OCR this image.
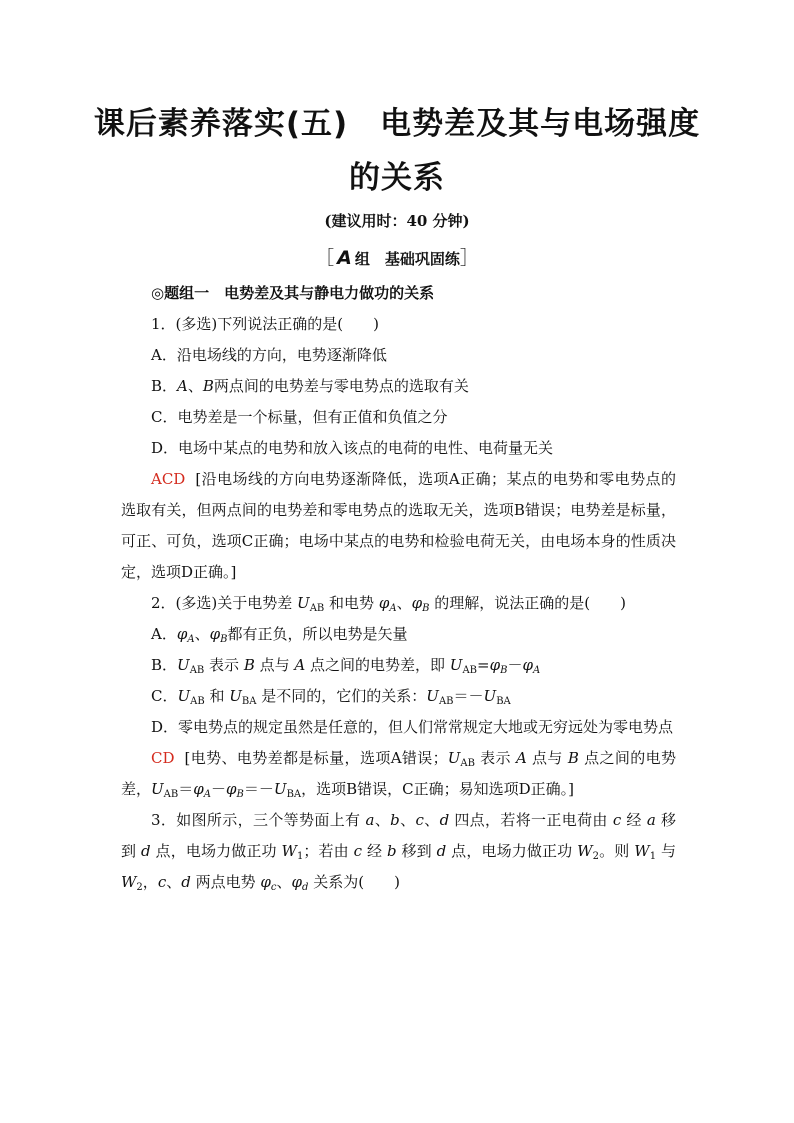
课后素养落实(五)　电势差及其与电场强度
的关系
(建议用时：40 分钟)
［ A 组　基础巩固练］
◎题组一　电势差及其与静电力做功的关系
1．(多选)下列说法正确的是(　　)
A．沿电场线的方向，电势逐渐降低
B．A、B两点间的电势差与零电势点的选取有关
C．电势差是一个标量，但有正值和负值之分
D．电场中某点的电势和放入该点的电荷的电性、电荷量无关
ACD [沿电场线的方向电势逐渐降低，选项A正确；某点的电势和零电势点的选取有关，但两点间的电势差和零电势点的选取无关，选项B错误；电势差是标量，可正、可负，选项C正确；电场中某点的电势和检验电荷无关，由电场本身的性质决定，选项D正确。]
2．(多选)关于电势差 $U_{AB}$ 和电势 $\varphi_A$、$\varphi_B$ 的理解，说法正确的是(　　)
A．$\varphi_A$、$\varphi_B$都有正负，所以电势是矢量
B．$U_{AB}$ 表示 B 点与 A 点之间的电势差，即 $U_{AB}=\varphi_B-\varphi_A$
C．$U_{AB}$ 和 $U_{BA}$ 是不同的，它们的关系：$U_{AB}=-U_{BA}$
D．零电势点的规定虽然是任意的，但人们常常规定大地或无穷远处为零电势点
CD [电势、电势差都是标量，选项A错误；$U_{AB}$ 表示 A 点与 B 点之间的电势差，$U_{AB}=\varphi_A-\varphi_B=-U_{BA}$，选项B错误，C正确；易知选项D正确。]
3．如图所示，三个等势面上有 a、b、c、d 四点，若将一正电荷由 c 经 a 移到 d 点，电场力做正功 $W_1$；若由 c 经 b 移到 d 点，电场力做正功 $W_2$。则 $W_1$ 与 $W_2$，c、d 两点电势 $\varphi_c$、$\varphi_d$ 关系为(　　)
